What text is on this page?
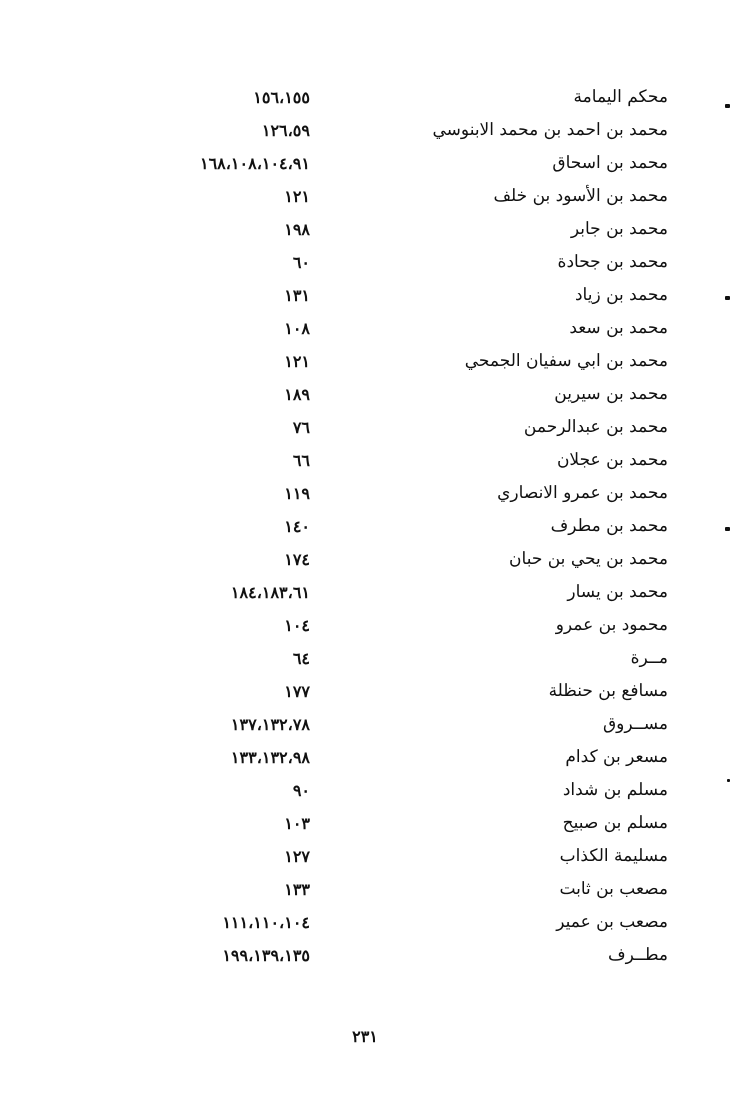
محكم اليمامة
١٥٦،١٥٥
محمد بن احمد بن محمد الابنوسي
١٢٦،٥٩
محمد بن اسحاق
١٦٨،١٠٨،١٠٤،٩١
محمد بن الأسود بن خلف
١٢١
محمد بن جابر
١٩٨
محمد بن جحادة
٦٠
محمد بن زياد
١٣١
محمد بن سعد
١٠٨
محمد بن ابي سفيان الجمحي
١٢١
محمد بن سيرين
١٨٩
محمد بن عبدالرحمن
٧٦
محمد بن عجلان
٦٦
محمد بن عمرو الانصاري
١١٩
محمد بن مطرف
١٤٠
محمد بن يحي بن حبان
١٧٤
محمد بن يسار
١٨٤،١٨٣،٦١
محمود بن عمرو
١٠٤
مــرة
٦٤
مسافع بن حنظلة
١٧٧
مســروق
١٣٧،١٣٢،٧٨
مسعر بن كدام
١٣٣،١٣٢،٩٨
مسلم بن شداد
٩٠
مسلم بن صبيح
١٠٣
مسليمة الكذاب
١٢٧
مصعب بن ثابت
١٣٣
مصعب بن عمير
١١١،١١٠،١٠٤
مطــرف
١٩٩،١٣٩،١٣٥
٢٣١
